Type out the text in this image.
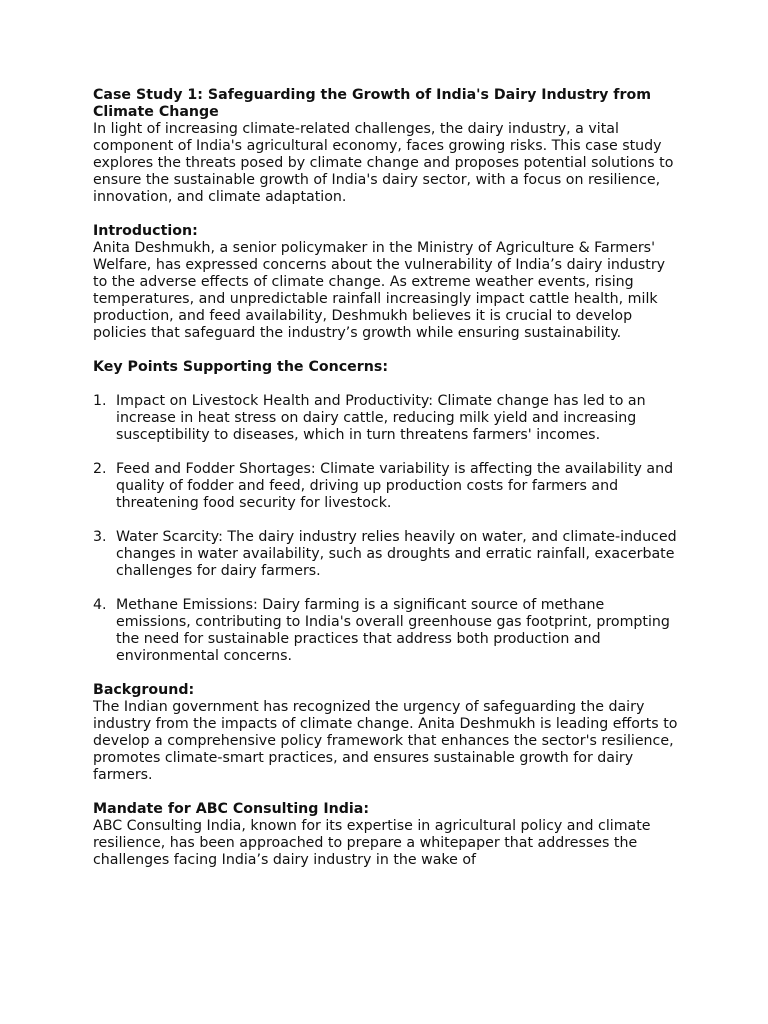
Case Study 1: Safeguarding the Growth of India's Dairy Industry from Climate Change

In light of increasing climate-related challenges, the dairy industry, a vital component of India's agricultural economy, faces growing risks. This case study explores the threats posed by climate change and proposes potential solutions to ensure the sustainable growth of India's dairy sector, with a focus on resilience, innovation, and climate adaptation.

Introduction:

Anita Deshmukh, a senior policymaker in the Ministry of Agriculture & Farmers' Welfare, has expressed concerns about the vulnerability of India’s dairy industry to the adverse effects of climate change. As extreme weather events, rising temperatures, and unpredictable rainfall increasingly impact cattle health, milk production, and feed availability, Deshmukh believes it is crucial to develop policies that safeguard the industry’s growth while ensuring sustainability.

Key Points Supporting the Concerns:

1. Impact on Livestock Health and Productivity: Climate change has led to an increase in heat stress on dairy cattle, reducing milk yield and increasing susceptibility to diseases, which in turn threatens farmers' incomes.
2. Feed and Fodder Shortages: Climate variability is affecting the availability and quality of fodder and feed, driving up production costs for farmers and threatening food security for livestock.
3. Water Scarcity: The dairy industry relies heavily on water, and climate-induced changes in water availability, such as droughts and erratic rainfall, exacerbate challenges for dairy farmers.
4. Methane Emissions: Dairy farming is a significant source of methane emissions, contributing to India's overall greenhouse gas footprint, prompting the need for sustainable practices that address both production and environmental concerns.

Background:

The Indian government has recognized the urgency of safeguarding the dairy industry from the impacts of climate change. Anita Deshmukh is leading efforts to develop a comprehensive policy framework that enhances the sector's resilience, promotes climate-smart practices, and ensures sustainable growth for dairy farmers.

Mandate for ABC Consulting India:

ABC Consulting India, known for its expertise in agricultural policy and climate resilience, has been approached to prepare a whitepaper that addresses the challenges facing India’s dairy industry in the wake of
